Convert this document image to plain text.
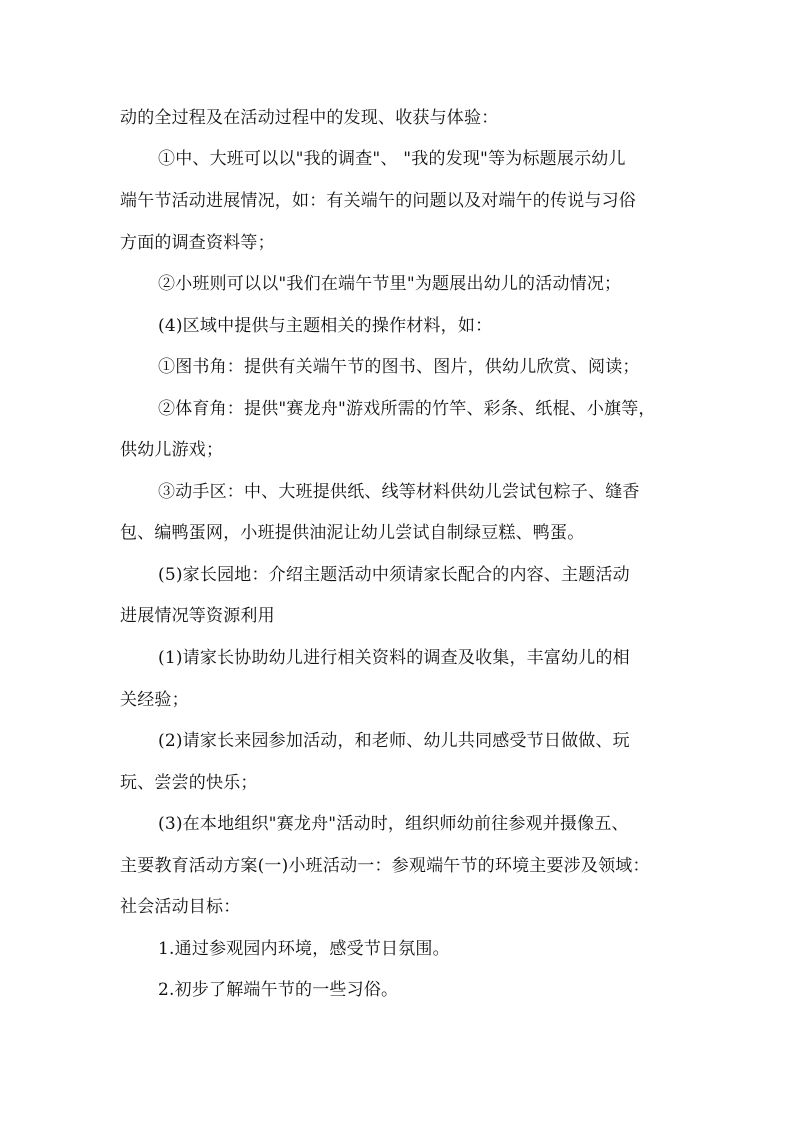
动的全过程及在活动过程中的发现、收获与体验：
①中、大班可以以"我的调查"、 "我的发现"等为标题展示幼儿
端午节活动进展情况，如：有关端午的问题以及对端午的传说与习俗
方面的调查资料等；
②小班则可以以"我们在端午节里"为题展出幼儿的活动情况；
(4)区域中提供与主题相关的操作材料，如：
①图书角：提供有关端午节的图书、图片，供幼儿欣赏、阅读；
②体育角：提供"赛龙舟"游戏所需的竹竿、彩条、纸棍、小旗等，
供幼儿游戏；
③动手区：中、大班提供纸、线等材料供幼儿尝试包粽子、缝香
包、编鸭蛋网，小班提供油泥让幼儿尝试自制绿豆糕、鸭蛋。
(5)家长园地：介绍主题活动中须请家长配合的内容、主题活动
进展情况等资源利用
(1)请家长协助幼儿进行相关资料的调查及收集，丰富幼儿的相
关经验；
(2)请家长来园参加活动，和老师、幼儿共同感受节日做做、玩
玩、尝尝的快乐；
(3)在本地组织"赛龙舟"活动时，组织师幼前往参观并摄像五、
主要教育活动方案(一)小班活动一：参观端午节的环境主要涉及领域：
社会活动目标：
1.通过参观园内环境，感受节日氛围。
2.初步了解端午节的一些习俗。
